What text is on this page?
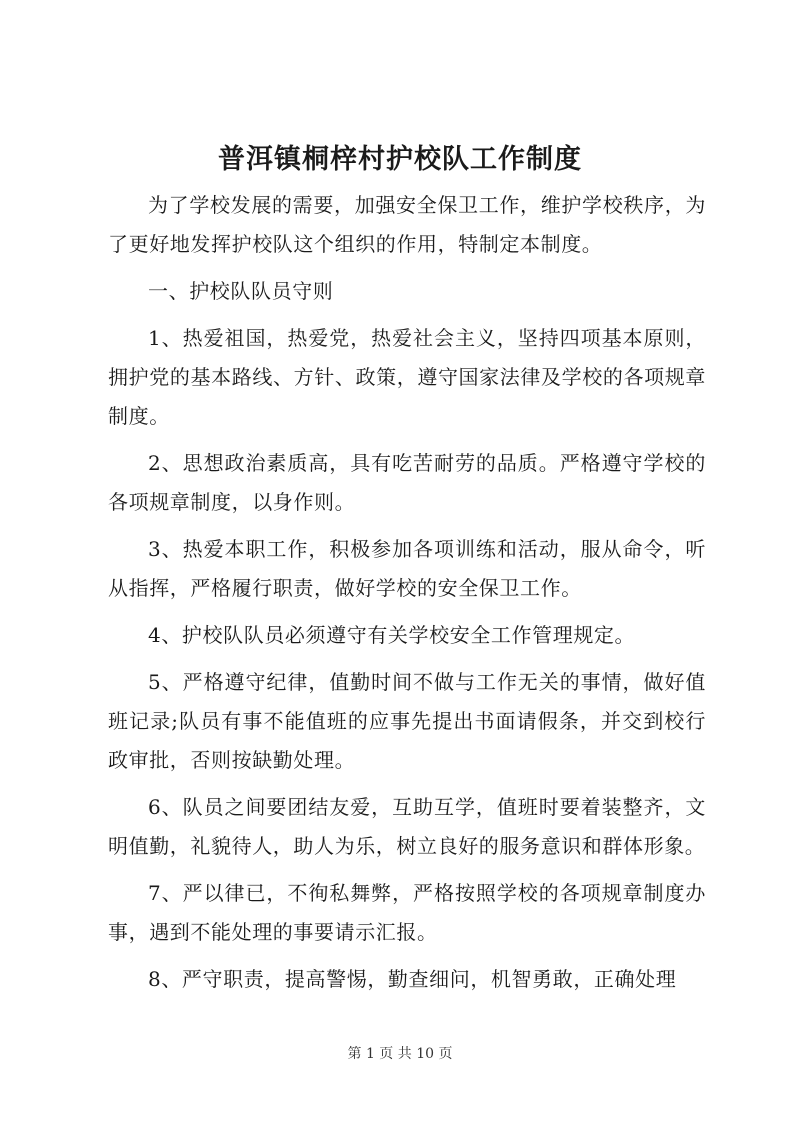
普洱镇桐梓村护校队工作制度

为了学校发展的需要，加强安全保卫工作，维护学校秩序，为了更好地发挥护校队这个组织的作用，特制定本制度。

一、护校队队员守则

1、热爱祖国，热爱党，热爱社会主义，坚持四项基本原则，拥护党的基本路线、方针、政策，遵守国家法律及学校的各项规章制度。

2、思想政治素质高，具有吃苦耐劳的品质。严格遵守学校的各项规章制度，以身作则。

3、热爱本职工作，积极参加各项训练和活动，服从命令，听从指挥，严格履行职责，做好学校的安全保卫工作。

4、护校队队员必须遵守有关学校安全工作管理规定。

5、严格遵守纪律，值勤时间不做与工作无关的事情，做好值班记录;队员有事不能值班的应事先提出书面请假条，并交到校行政审批，否则按缺勤处理。

6、队员之间要团结友爱，互助互学，值班时要着装整齐，文明值勤，礼貌待人，助人为乐，树立良好的服务意识和群体形象。

7、严以律已，不徇私舞弊，严格按照学校的各项规章制度办事，遇到不能处理的事要请示汇报。

8、严守职责，提高警惕，勤查细问，机智勇敢，正确处理

第 1 页 共 10 页
